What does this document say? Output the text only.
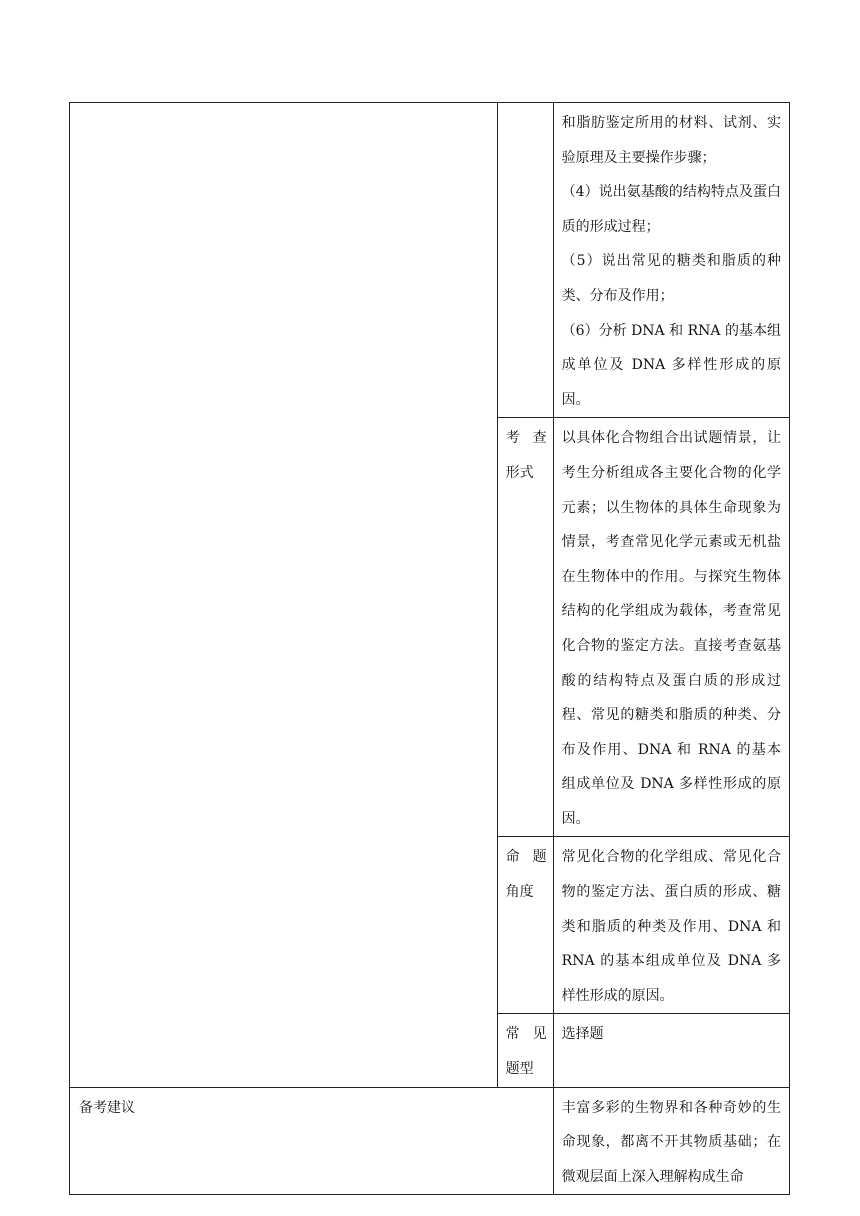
		和脂肪鉴定所用的材料、试剂、实验原理及主要操作步骤；

（4）说出氨基酸的结构特点及蛋白质的形成过程；

（5）说出常见的糖类和脂质的种类、分布及作用；

（6）分析 DNA 和 RNA 的基本组成单位及 DNA 多样性形成的原因。

	考 查
形式	以具体化合物组合出试题情景，让考生分析组成各主要化合物的化学元素；以生物体的具体生命现象为情景，考查常见化学元素或无机盐在生物体中的作用。与探究生物体结构的化学组成为载体，考查常见化合物的鉴定方法。直接考查氨基酸的结构特点及蛋白质的形成过程、常见的糖类和脂质的种类、分布及作用、DNA 和 RNA 的基本组成单位及 DNA 多样性形成的原因。

	命 题
角度	常见化合物的化学组成、常见化合物的鉴定方法、蛋白质的形成、糖类和脂质的种类及作用、DNA 和 RNA 的基本组成单位及 DNA 多样性形成的原因。

	常 见
题型	选择题

备考建议		丰富多彩的生物界和各种奇妙的生命现象，都离不开其物质基础；在微观层面上深入理解构成生命
